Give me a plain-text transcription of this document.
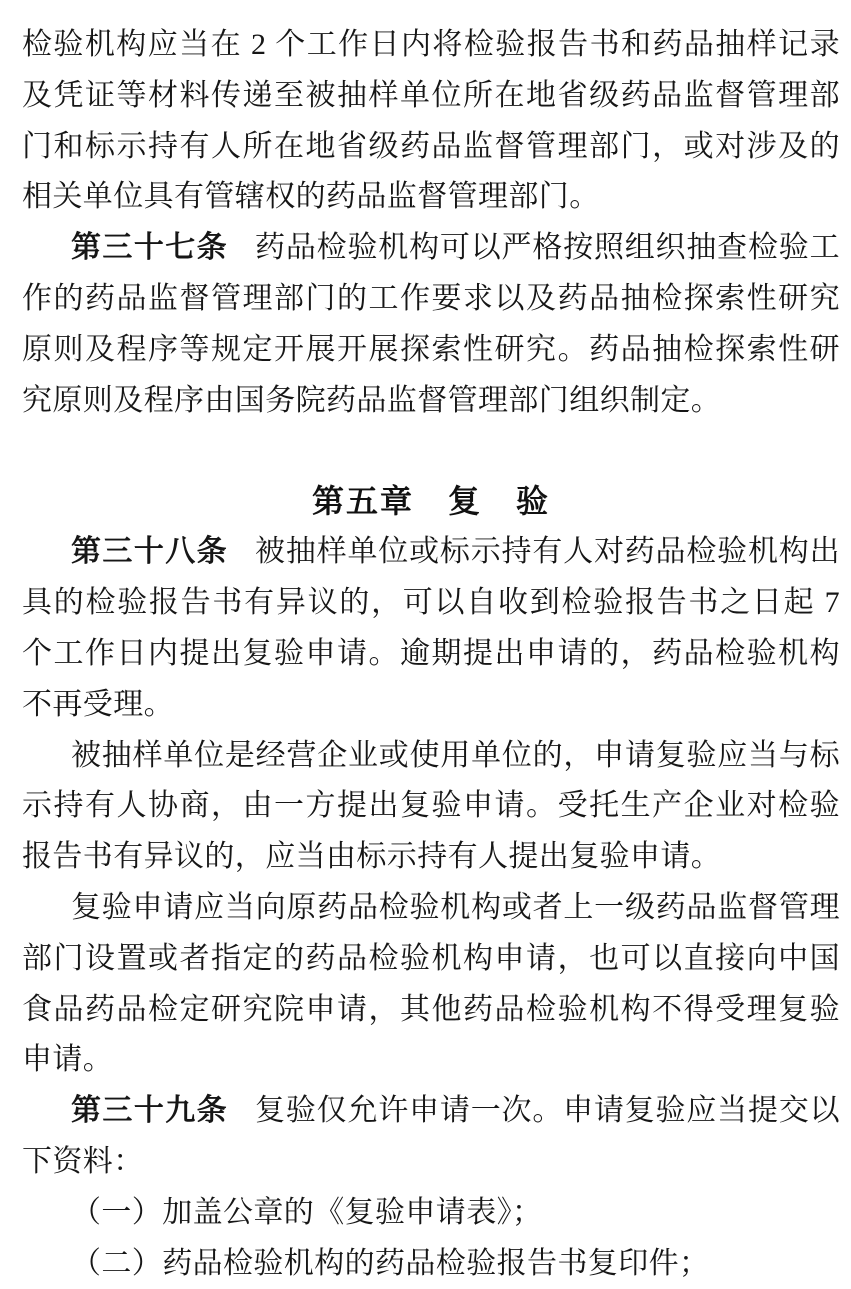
检验机构应当在 2 个工作日内将检验报告书和药品抽样记录及凭证等材料传递至被抽样单位所在地省级药品监督管理部门和标示持有人所在地省级药品监督管理部门，或对涉及的相关单位具有管辖权的药品监督管理部门。

第三十七条 药品检验机构可以严格按照组织抽查检验工作的药品监督管理部门的工作要求以及药品抽检探索性研究原则及程序等规定开展开展探索性研究。药品抽检探索性研究原则及程序由国务院药品监督管理部门组织制定。

第五章　复　验

第三十八条 被抽样单位或标示持有人对药品检验机构出具的检验报告书有异议的，可以自收到检验报告书之日起 7 个工作日内提出复验申请。逾期提出申请的，药品检验机构不再受理。

被抽样单位是经营企业或使用单位的，申请复验应当与标示持有人协商，由一方提出复验申请。受托生产企业对检验报告书有异议的，应当由标示持有人提出复验申请。

复验申请应当向原药品检验机构或者上一级药品监督管理部门设置或者指定的药品检验机构申请，也可以直接向中国食品药品检定研究院申请，其他药品检验机构不得受理复验申请。

第三十九条 复验仅允许申请一次。申请复验应当提交以下资料：

（一）加盖公章的《复验申请表》；

（二）药品检验机构的药品检验报告书复印件；
